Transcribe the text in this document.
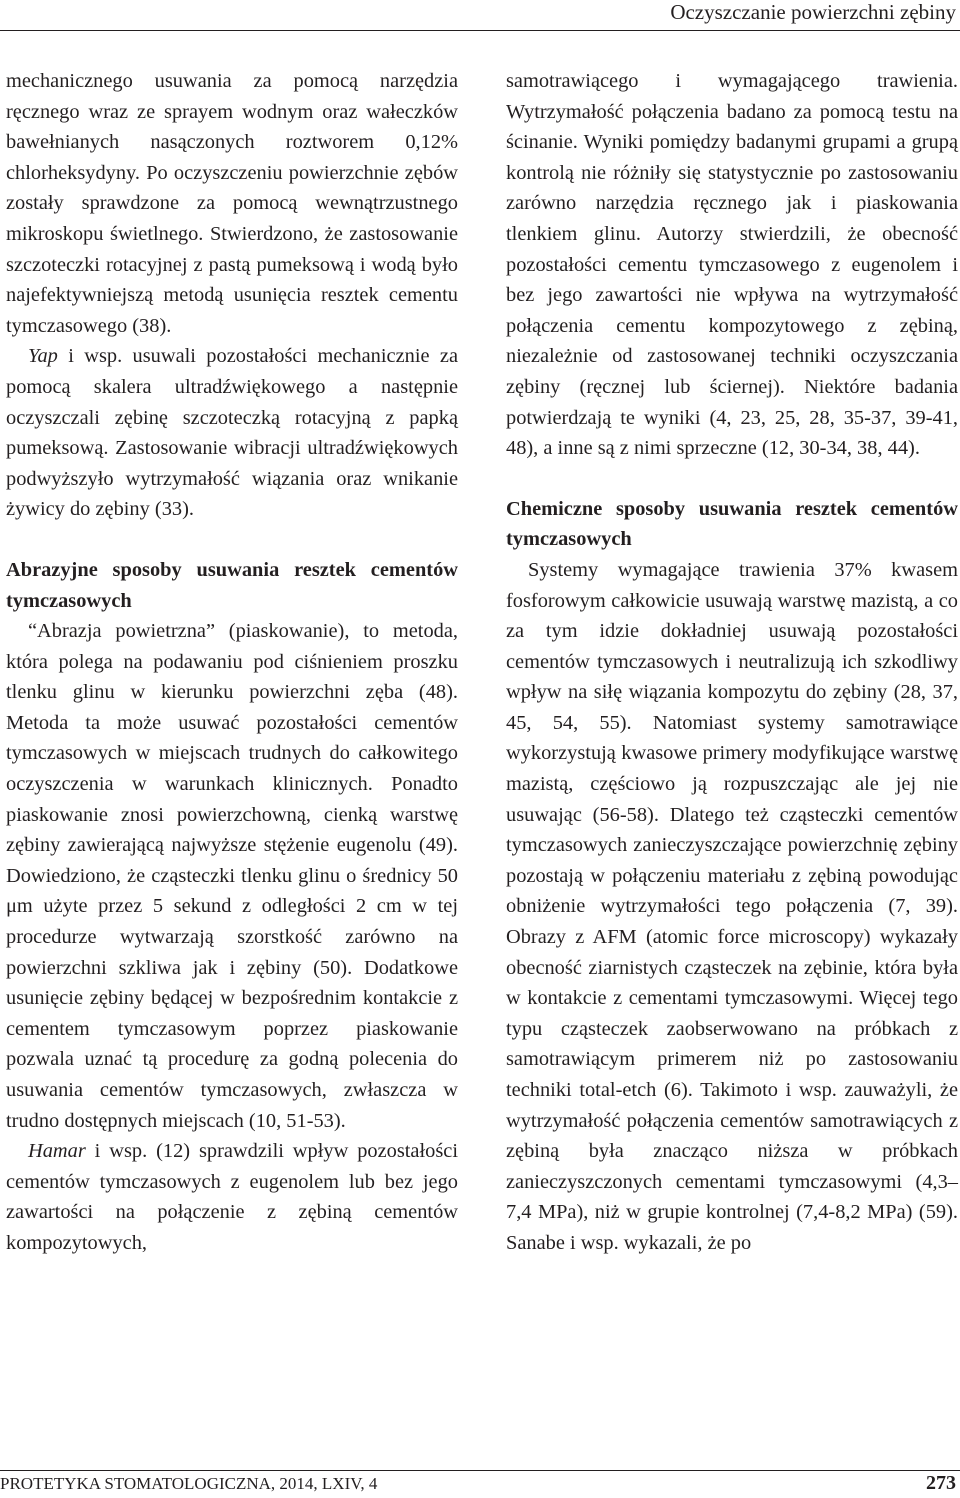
Oczyszczanie powierzchni zębiny

mechanicznego usuwania za pomocą narzędzia ręcznego wraz ze sprayem wodnym oraz wałeczków bawełnianych nasączonych roztworem 0,12% chlorheksydyny. Po oczyszczeniu powierzchnie zębów zostały sprawdzone za pomocą wewnątrzustnego mikroskopu świetlnego. Stwierdzono, że zastosowanie szczoteczki rotacyjnej z pastą pumeksową i wodą było najefektywniejszą metodą usunięcia resztek cementu tymczasowego (38).

Yap i wsp. usuwali pozostałości mechanicznie za pomocą skalera ultradźwiękowego a następnie oczyszczali zębinę szczoteczką rotacyjną z papką pumeksową. Zastosowanie wibracji ultradźwiękowych podwyższyło wytrzymałość wiązania oraz wnikanie żywicy do zębiny (33).

Abrazyjne sposoby usuwania resztek cementów tymczasowych

“Abrazja powietrzna” (piaskowanie), to metoda, która polega na podawaniu pod ciśnieniem proszku tlenku glinu w kierunku powierzchni zęba (48). Metoda ta może usuwać pozostałości cementów tymczasowych w miejscach trudnych do całkowitego oczyszczenia w warunkach klinicznych. Ponadto piaskowanie znosi powierzchowną, cienką warstwę zębiny zawierającą najwyższe stężenie eugenolu (49). Dowiedziono, że cząsteczki tlenku glinu o średnicy 50 μm użyte przez 5 sekund z odległości 2 cm w tej procedurze wytwarzają szorstkość zarówno na powierzchni szkliwa jak i zębiny (50). Dodatkowe usunięcie zębiny będącej w bezpośrednim kontakcie z cementem tymczasowym poprzez piaskowanie pozwala uznać tą procedurę za godną polecenia do usuwania cementów tymczasowych, zwłaszcza w trudno dostępnych miejscach (10, 51-53).

Hamar i wsp. (12) sprawdzili wpływ pozostałości cementów tymczasowych z eugenolem lub bez jego zawartości na połączenie z zębiną cementów kompozytowych,

samotrawiącego i wymagającego trawienia. Wytrzymałość połączenia badano za pomocą testu na ścinanie. Wyniki pomiędzy badanymi grupami a grupą kontrolą nie różniły się statystycznie po zastosowaniu zarówno narzędzia ręcznego jak i piaskowania tlenkiem glinu. Autorzy stwierdzili, że obecność pozostałości cementu tymczasowego z eugenolem i bez jego zawartości nie wpływa na wytrzymałość połączenia cementu kompozytowego z zębiną, niezależnie od zastosowanej techniki oczyszczania zębiny (ręcznej lub ściernej). Niektóre badania potwierdzają te wyniki (4, 23, 25, 28, 35-37, 39-41, 48), a inne są z nimi sprzeczne (12, 30-34, 38, 44).

Chemiczne sposoby usuwania resztek cementów tymczasowych

Systemy wymagające trawienia 37% kwasem fosforowym całkowicie usuwają warstwę mazistą, a co za tym idzie dokładniej usuwają pozostałości cementów tymczasowych i neutralizują ich szkodliwy wpływ na siłę wiązania kompozytu do zębiny (28, 37, 45, 54, 55). Natomiast systemy samotrawiące wykorzystują kwasowe primery modyfikujące warstwę mazistą, częściowo ją rozpuszczając ale jej nie usuwając (56-58). Dlatego też cząsteczki cementów tymczasowych zanieczyszczające powierzchnię zębiny pozostają w połączeniu materiału z zębiną powodując obniżenie wytrzymałości tego połączenia (7, 39). Obrazy z AFM (atomic force microscopy) wykazały obecność ziarnistych cząsteczek na zębinie, która była w kontakcie z cementami tymczasowymi. Więcej tego typu cząsteczek zaobserwowano na próbkach z samotrawiącym primerem niż po zastosowaniu techniki total-etch (6). Takimoto i wsp. zauważyli, że wytrzymałość połączenia cementów samotrawiących z zębiną była znacząco niższa w próbkach zanieczyszczonych cementami tymczasowymi (4,3–7,4 MPa), niż w grupie kontrolnej (7,4-8,2 MPa) (59). Sanabe i wsp. wykazali, że po

PROTETYKA STOMATOLOGICZNA, 2014, LXIV, 4	273
